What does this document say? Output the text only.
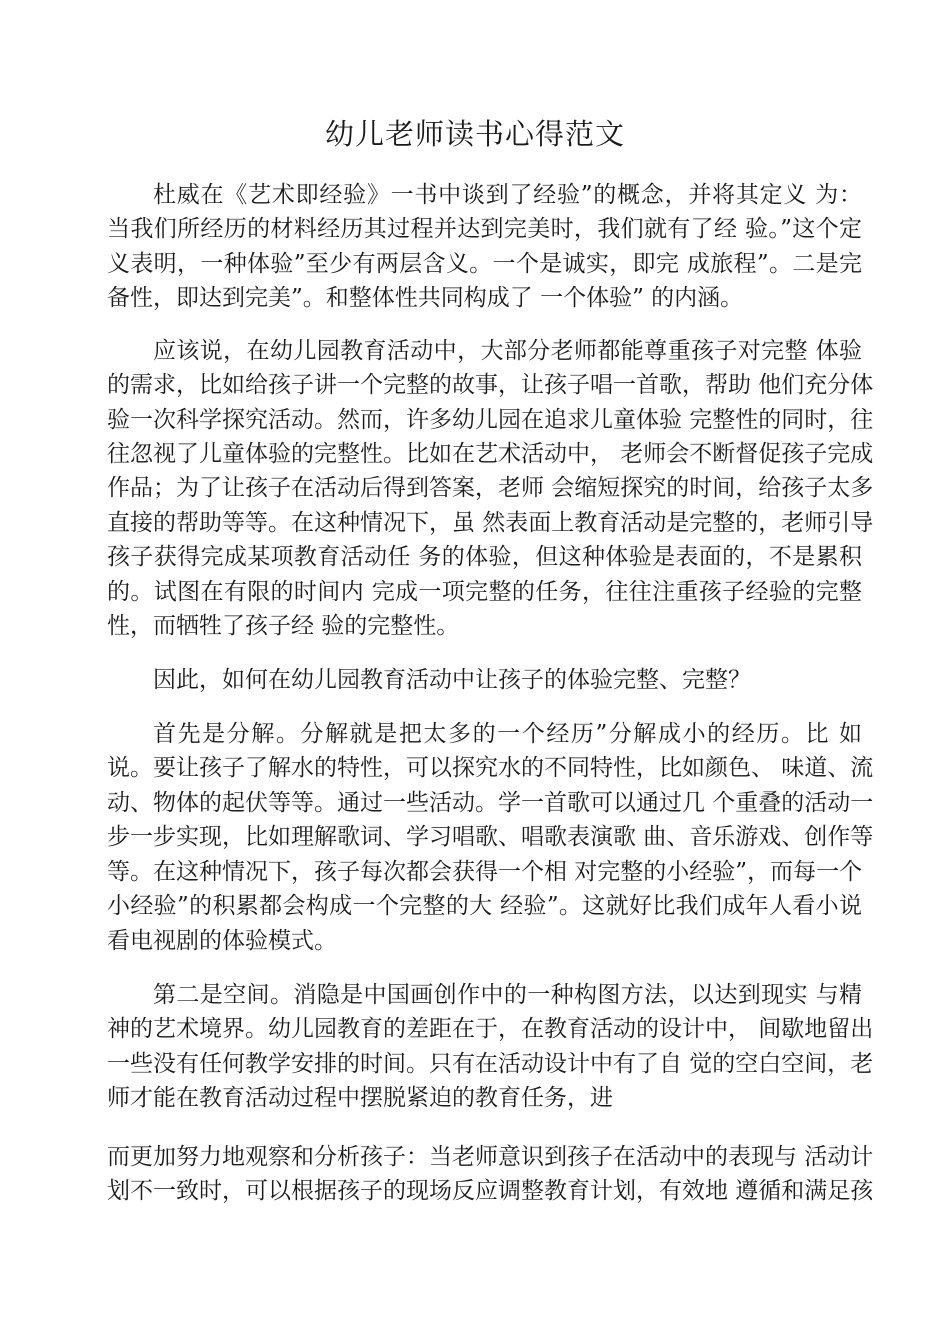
幼儿老师读书心得范文
杜威在《艺术即经验》一书中谈到了经验”的概念，并将其定义 为：
当我们所经历的材料经历其过程并达到完美时，我们就有了经 验。”这个定
义表明，一种体验”至少有两层含义。一个是诚实，即完 成旅程”。二是完
备性，即达到完美”。和整体性共同构成了 一个体验” 的内涵。
应该说，在幼儿园教育活动中，大部分老师都能尊重孩子对完整 体验
的需求，比如给孩子讲一个完整的故事，让孩子唱一首歌，帮助 他们充分体
验一次科学探究活动。然而，许多幼儿园在追求儿童体验 完整性的同时，往
往忽视了儿童体验的完整性。比如在艺术活动中， 老师会不断督促孩子完成
作品；为了让孩子在活动后得到答案，老师 会缩短探究的时间，给孩子太多
直接的帮助等等。在这种情况下，虽 然表面上教育活动是完整的，老师引导
孩子获得完成某项教育活动任 务的体验，但这种体验是表面的，不是累积
的。试图在有限的时间内 完成一项完整的任务，往往注重孩子经验的完整
性，而牺牲了孩子经 验的完整性。
因此，如何在幼儿园教育活动中让孩子的体验完整、完整？
首先是分解。分解就是把太多的一个经历”分解成小的经历。比 如
说。要让孩子了解水的特性，可以探究水的不同特性，比如颜色、 味道、流
动、物体的起伏等等。通过一些活动。学一首歌可以通过几 个重叠的活动一
步一步实现，比如理解歌词、学习唱歌、唱歌表演歌 曲、音乐游戏、创作等
等。在这种情况下，孩子每次都会获得一个相 对完整的小经验”，而每一个
小经验”的积累都会构成一个完整的大 经验”。这就好比我们成年人看小说
看电视剧的体验模式。
第二是空间。消隐是中国画创作中的一种构图方法，以达到现实 与精
神的艺术境界。幼儿园教育的差距在于，在教育活动的设计中， 间歇地留出
一些没有任何教学安排的时间。只有在活动设计中有了自 觉的空白空间，老
师才能在教育活动过程中摆脱紧迫的教育任务，进
而更加努力地观察和分析孩子：当老师意识到孩子在活动中的表现与 活动计
划不一致时，可以根据孩子的现场反应调整教育计划，有效地 遵循和满足孩
